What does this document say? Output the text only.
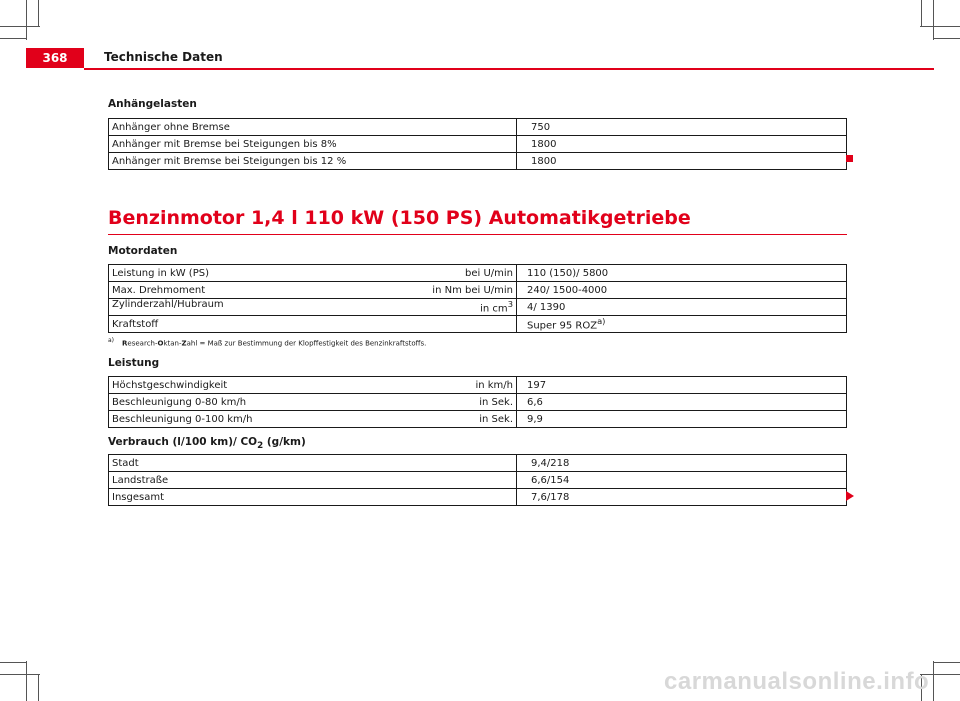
368	Technische Daten
Anhängelasten
Anhänger ohne Bremse	750
Anhänger mit Bremse bei Steigungen bis 8%	1800
Anhänger mit Bremse bei Steigungen bis 12 %	1800
Benzinmotor 1,4 l 110 kW (150 PS) Automatikgetriebe
Motordaten
Leistung in kW (PS) bei U/min	110 (150)/ 5800
Max. Drehmoment in Nm bei U/min	240/ 1500-4000
Zylinderzahl/Hubraum in $cm^3$	4/ 1390
Kraftstoff	Super 95 ROZ$^{a)}$
$^{a)}$ Research-Oktan-Zahl = Maß zur Bestimmung der Klopffestigkeit des Benzinkraftstoffs.
Leistung
Höchstgeschwindigkeit in km/h	197
Beschleunigung 0-80 km/h in Sek.	6,6
Beschleunigung 0-100 km/h in Sek.	9,9
Verbrauch (l/100 km)/ $CO_2$ (g/km)
Stadt	9,4/218
Landstraße	6,6/154
Insgesamt	7,6/178
carmanualsonline.info
